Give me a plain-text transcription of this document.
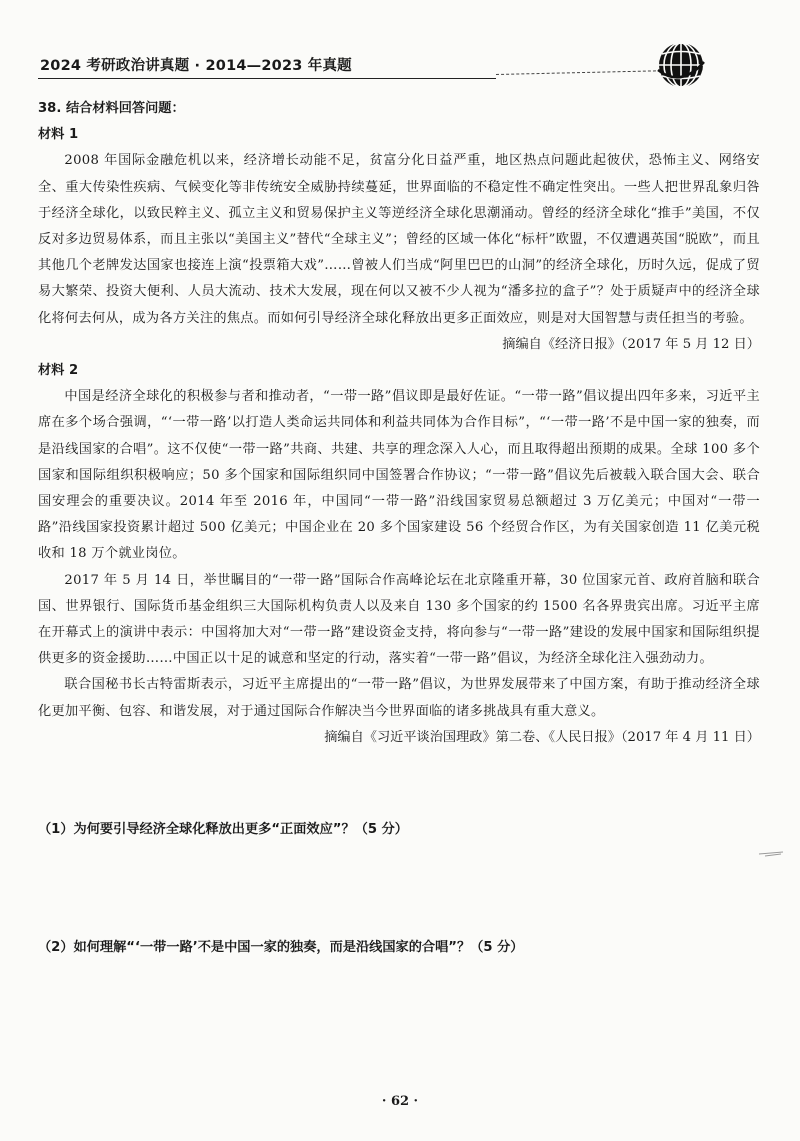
2024 考研政治讲真题 · 2014—2023 年真题

38. 结合材料回答问题：

材料 1

2008 年国际金融危机以来，经济增长动能不足，贫富分化日益严重，地区热点问题此起彼伏，恐怖主义、网络安全、重大传染性疾病、气候变化等非传统安全威胁持续蔓延，世界面临的不稳定性不确定性突出。一些人把世界乱象归咎于经济全球化，以致民粹主义、孤立主义和贸易保护主义等逆经济全球化思潮涌动。曾经的经济全球化“推手”美国，不仅反对多边贸易体系，而且主张以“美国主义”替代“全球主义”；曾经的区域一体化“标杆”欧盟，不仅遭遇英国“脱欧”，而且其他几个老牌发达国家也接连上演“投票箱大戏”……曾被人们当成“阿里巴巴的山洞”的经济全球化，历时久远，促成了贸易大繁荣、投资大便利、人员大流动、技术大发展，现在何以又被不少人视为“潘多拉的盒子”？处于质疑声中的经济全球化将何去何从，成为各方关注的焦点。而如何引导经济全球化释放出更多正面效应，则是对大国智慧与责任担当的考验。

摘编自《经济日报》（2017 年 5 月 12 日）

材料 2

中国是经济全球化的积极参与者和推动者，“一带一路”倡议即是最好佐证。“一带一路”倡议提出四年多来，习近平主席在多个场合强调，“‘一带一路’以打造人类命运共同体和利益共同体为合作目标”，“‘一带一路’不是中国一家的独奏，而是沿线国家的合唱”。这不仅使“一带一路”共商、共建、共享的理念深入人心，而且取得超出预期的成果。全球 100 多个国家和国际组织积极响应；50 多个国家和国际组织同中国签署合作协议；“一带一路”倡议先后被载入联合国大会、联合国安理会的重要决议。2014 年至 2016 年，中国同“一带一路”沿线国家贸易总额超过 3 万亿美元；中国对“一带一路”沿线国家投资累计超过 500 亿美元；中国企业在 20 多个国家建设 56 个经贸合作区，为有关国家创造 11 亿美元税收和 18 万个就业岗位。

2017 年 5 月 14 日，举世瞩目的“一带一路”国际合作高峰论坛在北京隆重开幕，30 位国家元首、政府首脑和联合国、世界银行、国际货币基金组织三大国际机构负责人以及来自 130 多个国家的约 1500 名各界贵宾出席。习近平主席在开幕式上的演讲中表示：中国将加大对“一带一路”建设资金支持，将向参与“一带一路”建设的发展中国家和国际组织提供更多的资金援助……中国正以十足的诚意和坚定的行动，落实着“一带一路”倡议，为经济全球化注入强劲动力。

联合国秘书长古特雷斯表示，习近平主席提出的“一带一路”倡议，为世界发展带来了中国方案，有助于推动经济全球化更加平衡、包容、和谐发展，对于通过国际合作解决当今世界面临的诸多挑战具有重大意义。

摘编自《习近平谈治国理政》第二卷、《人民日报》（2017 年 4 月 11 日）

（1）为何要引导经济全球化释放出更多“正面效应”？（5 分）

（2）如何理解“‘一带一路’不是中国一家的独奏，而是沿线国家的合唱”？（5 分）

· 62 ·
